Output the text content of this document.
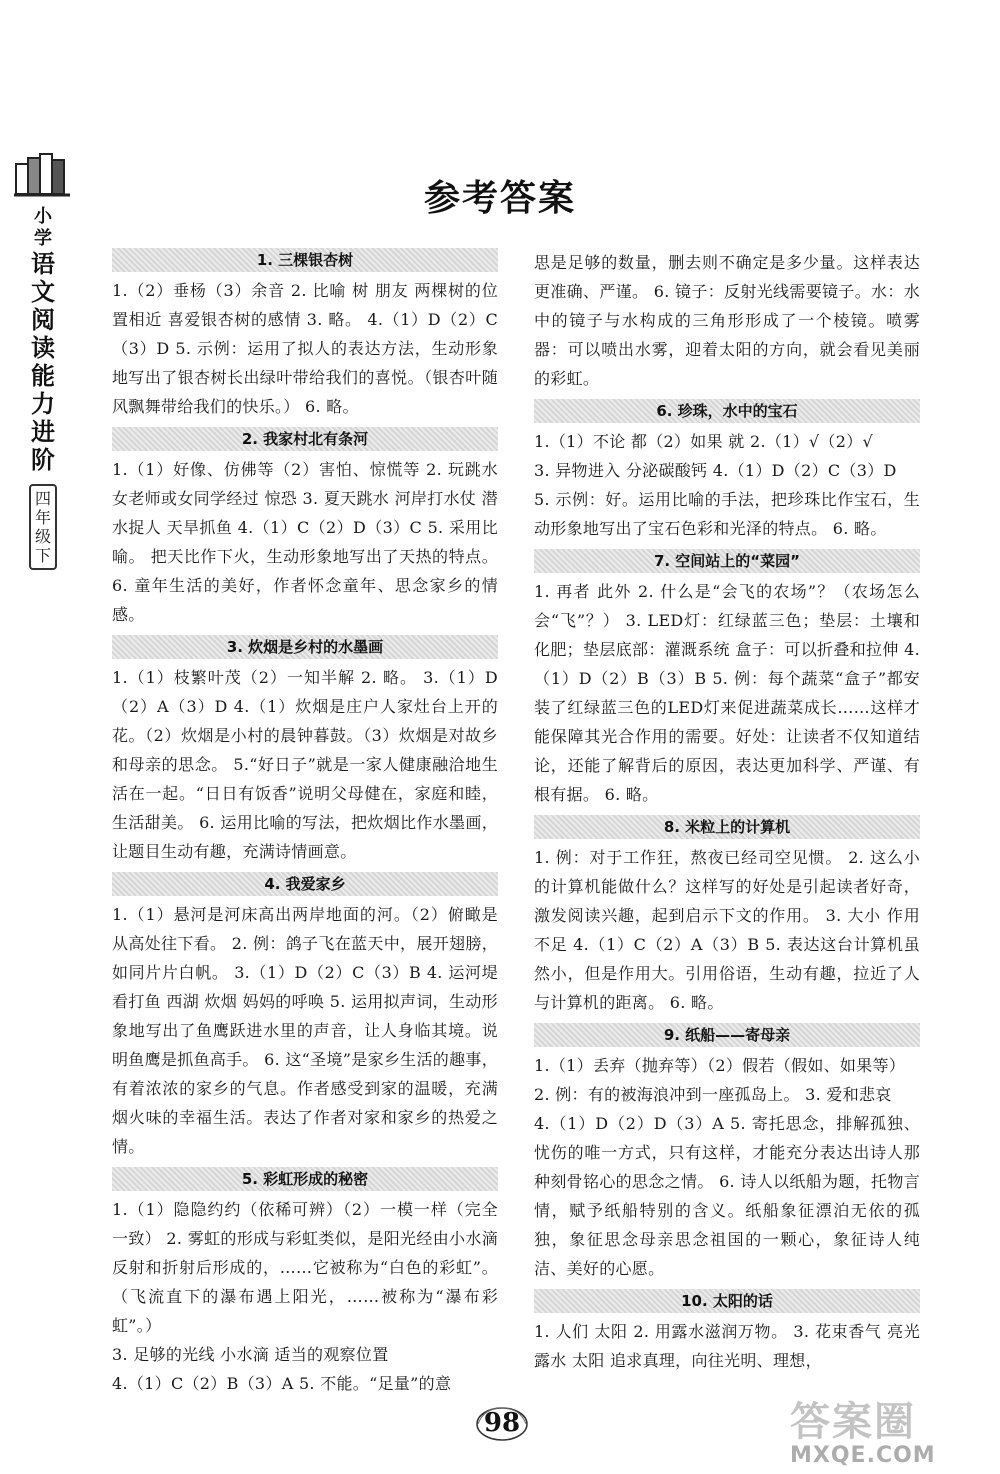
小学
语文阅读能力进阶
四年级下
参考答案
1. 三棵银杏树

1.（2）垂杨（3）余音 2. 比喻 树 朋友 两棵树的位置相近 喜爱银杏树的感情 3. 略。 4.（1）D（2）C（3）D 5. 示例：运用了拟人的表达方法，生动形象地写出了银杏树长出绿叶带给我们的喜悦。（银杏叶随风飘舞带给我们的快乐。） 6. 略。

2. 我家村北有条河

1.（1）好像、仿佛等（2）害怕、惊慌等 2. 玩跳水 女老师或女同学经过 惊恐 3. 夏天跳水 河岸打水仗 潜水捉人 天旱抓鱼 4.（1）C（2）D（3）C 5. 采用比喻。 把天比作下火，生动形象地写出了天热的特点。 6. 童年生活的美好，作者怀念童年、思念家乡的情感。

3. 炊烟是乡村的水墨画

1.（1）枝繁叶茂（2）一知半解 2. 略。 3.（1）D（2）A（3）D 4.（1）炊烟是庄户人家灶台上开的花。（2）炊烟是小村的晨钟暮鼓。（3）炊烟是对故乡和母亲的思念。 5.“好日子”就是一家人健康融洽地生活在一起。“日日有饭香”说明父母健在，家庭和睦，生活甜美。 6. 运用比喻的写法，把炊烟比作水墨画，让题目生动有趣，充满诗情画意。

4. 我爱家乡

1.（1）悬河是河床高出两岸地面的河。（2）俯瞰是从高处往下看。 2. 例：鸽子飞在蓝天中，展开翅膀，如同片片白帆。 3.（1）D（2）C（3）B 4. 运河堤 看打鱼 西湖 炊烟 妈妈的呼唤 5. 运用拟声词，生动形象地写出了鱼鹰跃进水里的声音，让人身临其境。说明鱼鹰是抓鱼高手。 6. 这“圣境”是家乡生活的趣事，有着浓浓的家乡的气息。作者感受到家的温暖，充满烟火味的幸福生活。表达了作者对家和家乡的热爱之情。

5. 彩虹形成的秘密

1.（1）隐隐约约（依稀可辨）（2）一模一样（完全一致） 2. 雾虹的形成与彩虹类似，是阳光经由小水滴反射和折射后形成的，……它被称为“白色的彩虹”。（飞流直下的瀑布遇上阳光，……被称为“瀑布彩虹”。）

3. 足够的光线 小水滴 适当的观察位置

4.（1）C（2）B（3）A 5. 不能。“足量”的意

思是足够的数量，删去则不确定是多少量。这样表达更准确、严谨。 6. 镜子：反射光线需要镜子。水：水中的镜子与水构成的三角形形成了一个棱镜。喷雾器：可以喷出水雾，迎着太阳的方向，就会看见美丽的彩虹。

6. 珍珠，水中的宝石

1.（1）不论 都（2）如果 就 2.（1）√（2）√

3. 异物进入 分泌碳酸钙 4.（1）D（2）C（3）D

5. 示例：好。运用比喻的手法，把珍珠比作宝石，生动形象地写出了宝石色彩和光泽的特点。 6. 略。

7. 空间站上的“菜园”

1. 再者 此外 2. 什么是“会飞的农场”？（农场怎么会“飞”？） 3. LED灯：红绿蓝三色；垫层：土壤和化肥；垫层底部：灌溉系统 盒子：可以折叠和拉伸 4.（1）D（2）B（3）B 5. 例：每个蔬菜“盒子”都安装了红绿蓝三色的LED灯来促进蔬菜成长……这样才能保障其光合作用的需要。好处：让读者不仅知道结论，还能了解背后的原因，表达更加科学、严谨、有根有据。 6. 略。

8. 米粒上的计算机

1. 例：对于工作狂，熬夜已经司空见惯。 2. 这么小的计算机能做什么？这样写的好处是引起读者好奇，激发阅读兴趣，起到启示下文的作用。 3. 大小 作用 不足 4.（1）C（2）A（3）B 5. 表达这台计算机虽然小，但是作用大。引用俗语，生动有趣，拉近了人与计算机的距离。 6. 略。

9. 纸船——寄母亲

1.（1）丢弃（抛弃等）（2）假若（假如、如果等）

2. 例：有的被海浪冲到一座孤岛上。 3. 爱和悲哀

4.（1）D（2）D（3）A 5. 寄托思念，排解孤独、忧伤的唯一方式，只有这样，才能充分表达出诗人那种刻骨铭心的思念之情。 6. 诗人以纸船为题，托物言情，赋予纸船特别的含义。纸船象征漂泊无依的孤独，象征思念母亲思念祖国的一颗心，象征诗人纯洁、美好的心愿。

10. 太阳的话

1. 人们 太阳 2. 用露水滋润万物。 3. 花束香气 亮光 露水 太阳 追求真理，向往光明、理想，

98	答案圈
MXQE.COM
